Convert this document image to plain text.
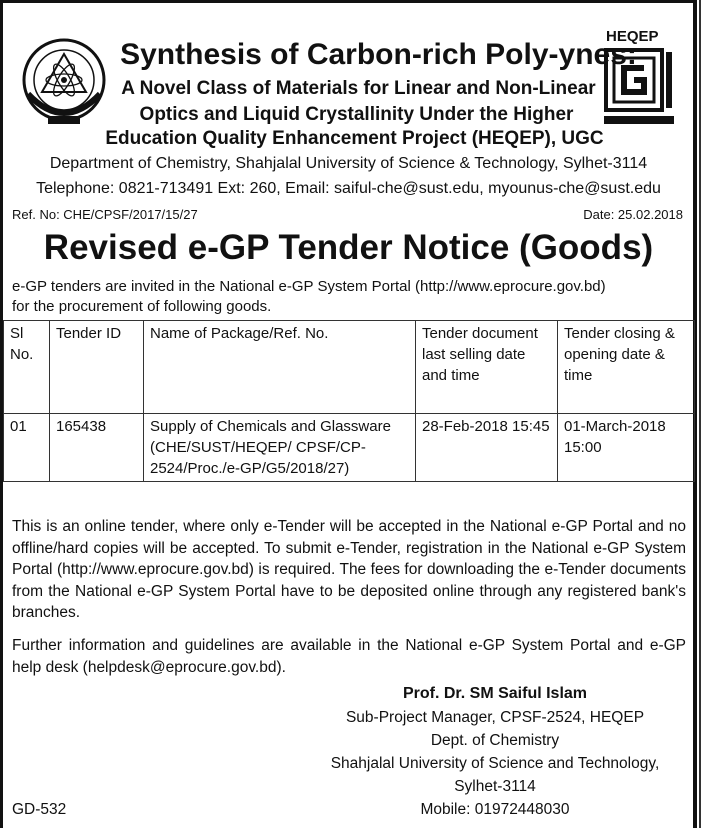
HEQEP
Synthesis of Carbon-rich Poly-ynes:
A Novel Class of Materials for Linear and Non-Linear
Optics and Liquid Crystallinity Under the Higher
Education Quality Enhancement Project (HEQEP), UGC
Department of Chemistry, Shahjalal University of Science & Technology, Sylhet-3114
Telephone: 0821-713491 Ext: 260, Email: saiful-che@sust.edu, myounus-che@sust.edu
Ref. No: CHE/CPSF/2017/15/27	Date: 25.02.2018
Revised e-GP Tender Notice (Goods)
e-GP tenders are invited in the National e-GP System Portal (http://www.eprocure.gov.bd)
for the procurement of following goods.
Sl No.	Tender ID	Name of Package/Ref. No.	Tender document last selling date and time	Tender closing & opening date & time
01	165438	Supply of Chemicals and Glassware (CHE/SUST/HEQEP/ CPSF/CP-2524/Proc./e-GP/G5/2018/27)	28-Feb-2018 15:45	01-March-2018 15:00
This is an online tender, where only e-Tender will be accepted in the National e-GP Portal and no offline/hard copies will be accepted. To submit e-Tender, registration in the National e-GP System Portal (http://www.eprocure.gov.bd) is required. The fees for downloading the e-Tender documents from the National e-GP System Portal have to be deposited online through any registered bank's branches.
Further information and guidelines are available in the National e-GP System Portal and e-GP help desk (helpdesk@eprocure.gov.bd).
Prof. Dr. SM Saiful Islam
Sub-Project Manager, CPSF-2524, HEQEP
Dept. of Chemistry
Shahjalal University of Science and Technology,
Sylhet-3114
Mobile: 01972448030
GD-532
